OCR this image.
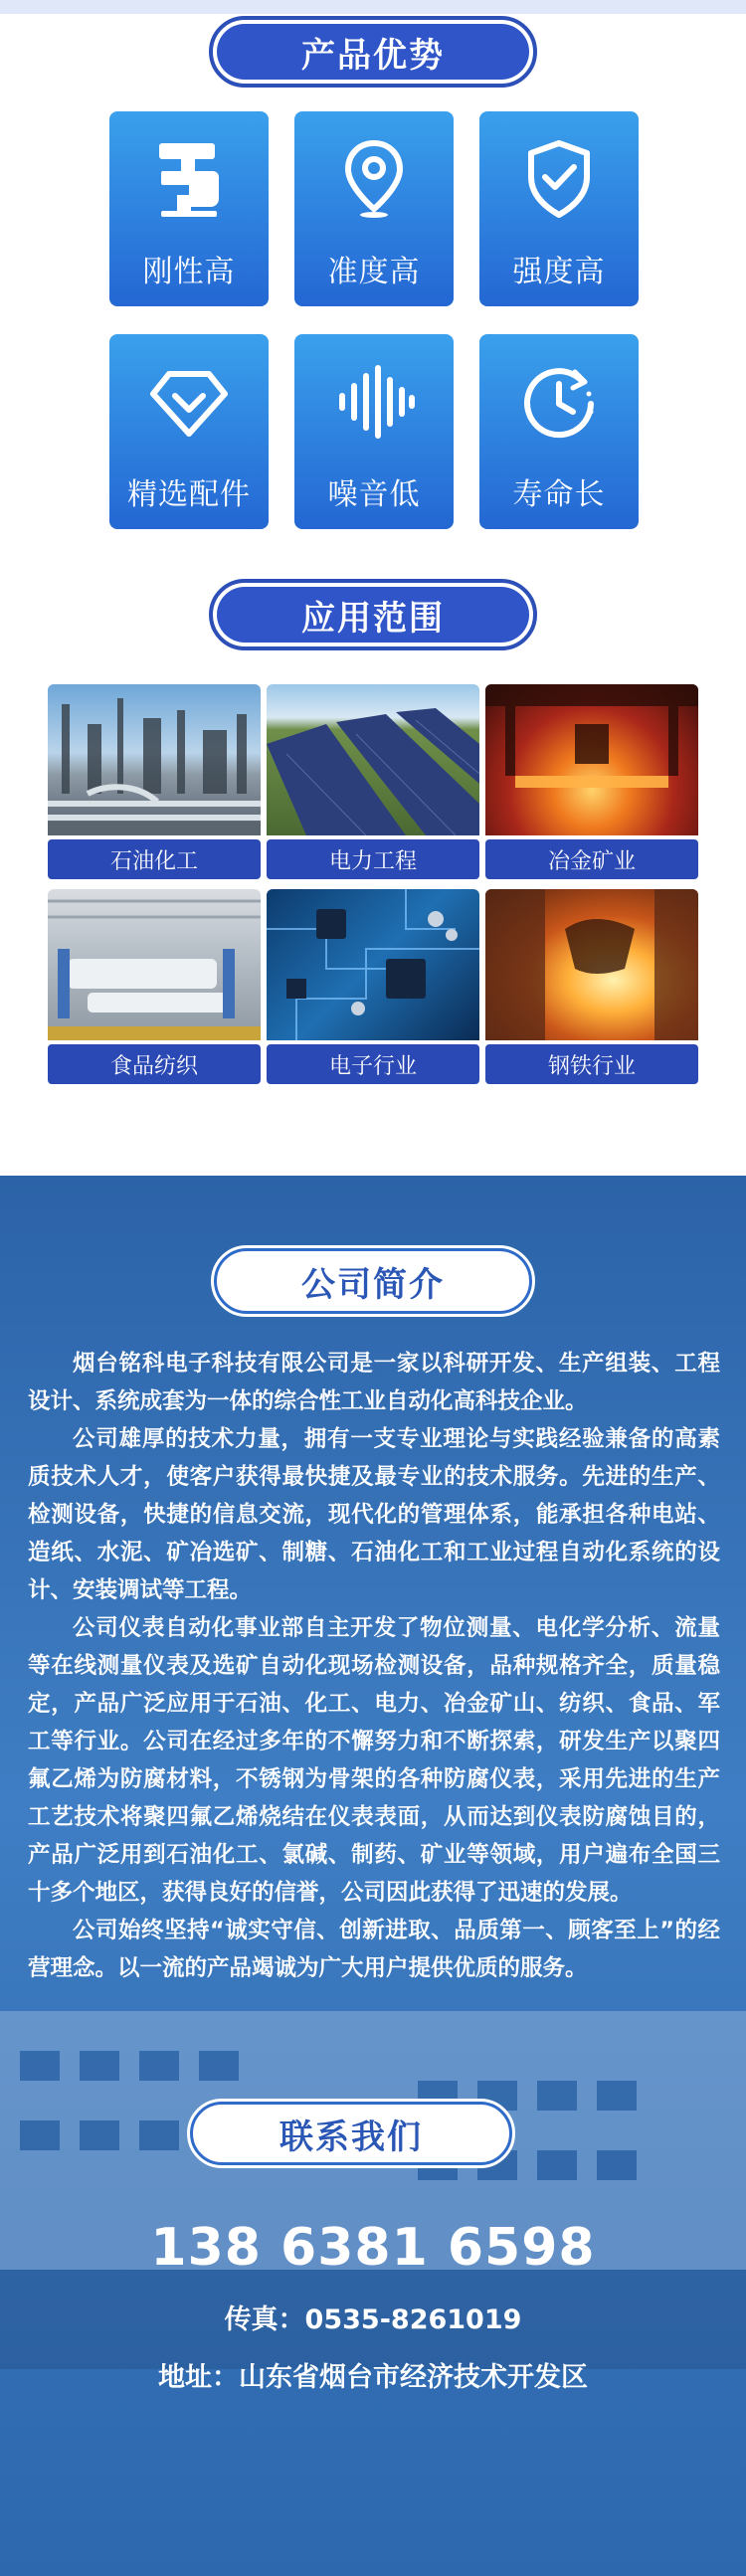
产品优势
刚性高	准度高	强度高
精选配件	噪音低	寿命长
应用范围
石油化工	电力工程	冶金矿业
食品纺织	电子行业	钢铁行业
公司简介

烟台铭科电子科技有限公司是一家以科研开发、生产组装、工程设计、系统成套为一体的综合性工业自动化高科技企业。

公司雄厚的技术力量，拥有一支专业理论与实践经验兼备的高素质技术人才，使客户获得最快捷及最专业的技术服务。先进的生产、检测设备，快捷的信息交流，现代化的管理体系，能承担各种电站、造纸、水泥、矿冶选矿、制糖、石油化工和工业过程自动化系统的设计、安装调试等工程。

公司仪表自动化事业部自主开发了物位测量、电化学分析、流量等在线测量仪表及选矿自动化现场检测设备，品种规格齐全，质量稳定，产品广泛应用于石油、化工、电力、冶金矿山、纺织、食品、军工等行业。公司在经过多年的不懈努力和不断探索，研发生产以聚四氟乙烯为防腐材料，不锈钢为骨架的各种防腐仪表，采用先进的生产工艺技术将聚四氟乙烯烧结在仪表表面，从而达到仪表防腐蚀目的，产品广泛用到石油化工、氯碱、制药、矿业等领域，用户遍布全国三十多个地区，获得良好的信誉，公司因此获得了迅速的发展。

公司始终坚持“诚实守信、创新进取、品质第一、顾客至上”的经营理念。以一流的产品竭诚为广大用户提供优质的服务。

联系我们
138 6381 6598
传真：0535-8261019
地址：山东省烟台市经济技术开发区
